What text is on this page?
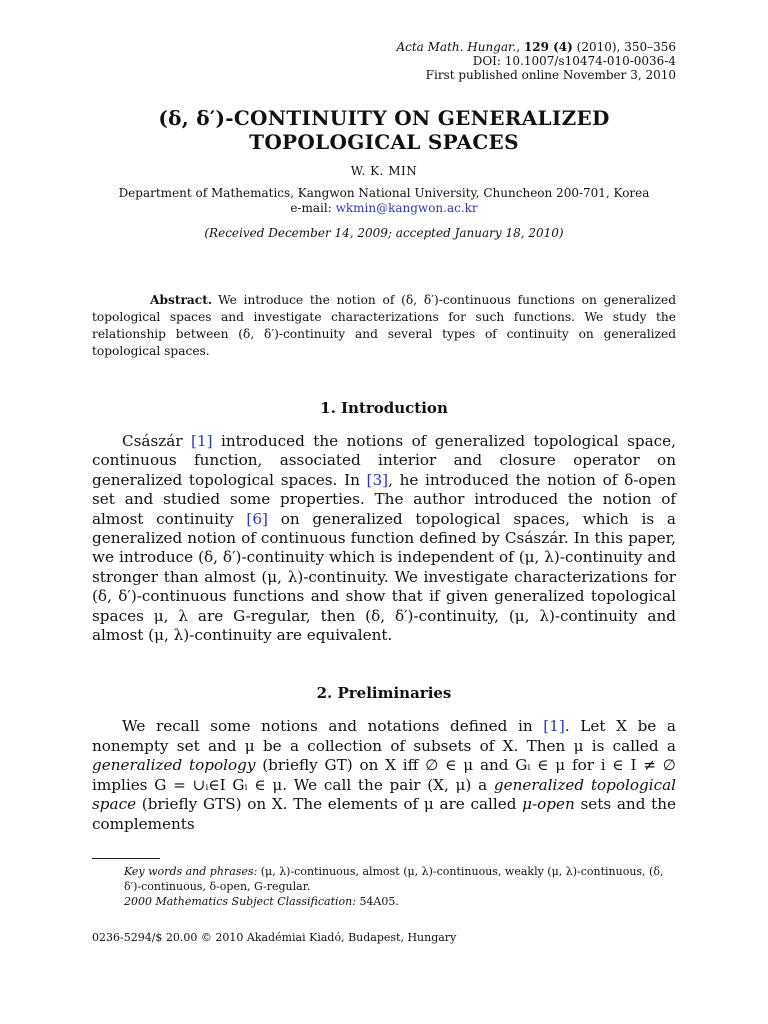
Acta Math. Hungar., 129 (4) (2010), 350–356
DOI: 10.1007/s10474-010-0036-4
First published online November 3, 2010
(δ, δ′)-CONTINUITY ON GENERALIZED
TOPOLOGICAL SPACES
W. K. MIN
Department of Mathematics, Kangwon National University, Chuncheon 200-701, Korea
e-mail: wkmin@kangwon.ac.kr
(Received December 14, 2009; accepted January 18, 2010)
Abstract. We introduce the notion of (δ, δ′)-continuous functions on generalized topological spaces and investigate characterizations for such functions. We study the relationship between (δ, δ′)-continuity and several types of continuity on generalized topological spaces.
1. Introduction

Császár [1] introduced the notions of generalized topological space, continuous function, associated interior and closure operator on generalized topological spaces. In [3], he introduced the notion of δ-open set and studied some properties. The author introduced the notion of almost continuity [6] on generalized topological spaces, which is a generalized notion of continuous function defined by Császár. In this paper, we introduce (δ, δ′)-continuity which is independent of (μ, λ)-continuity and stronger than almost (μ, λ)-continuity. We investigate characterizations for (δ, δ′)-continuous functions and show that if given generalized topological spaces μ, λ are G-regular, then (δ, δ′)-continuity, (μ, λ)-continuity and almost (μ, λ)-continuity are equivalent.

2. Preliminaries

We recall some notions and notations defined in [1]. Let X be a nonempty set and μ be a collection of subsets of X. Then μ is called a generalized topology (briefly GT) on X iff ∅ ∈ μ and Gᵢ ∈ μ for i ∈ I ≠ ∅ implies G = ∪ᵢ∈I Gᵢ ∈ μ. We call the pair (X, μ) a generalized topological space (briefly GTS) on X. The elements of μ are called μ-open sets and the complements

Key words and phrases: (μ, λ)-continuous, almost (μ, λ)-continuous, weakly (μ, λ)-continuous, (δ, δ′)-continuous, δ-open, G-regular.
2000 Mathematics Subject Classification: 54A05.
0236-5294/$ 20.00 © 2010 Akadémiai Kiadó, Budapest, Hungary
